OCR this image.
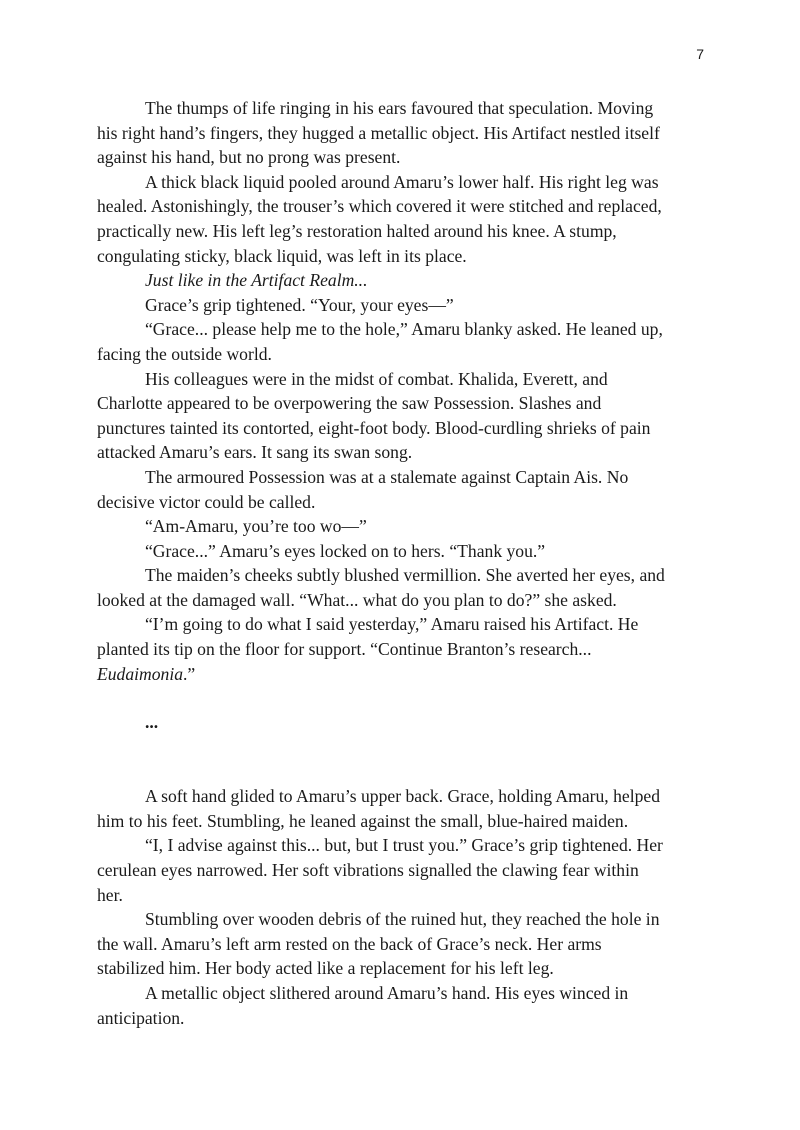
7

The thumps of life ringing in his ears favoured that speculation. Moving
his right hand’s fingers, they hugged a metallic object. His Artifact nestled itself
against his hand, but no prong was present.

A thick black liquid pooled around Amaru’s lower half. His right leg was
healed. Astonishingly, the trouser’s which covered it were stitched and replaced,
practically new. His left leg’s restoration halted around his knee. A stump,
congulating sticky, black liquid, was left in its place.

Just like in the Artifact Realm...

Grace’s grip tightened. “Your, your eyes—”

“Grace... please help me to the hole,” Amaru blanky asked. He leaned up,
facing the outside world.

His colleagues were in the midst of combat. Khalida, Everett, and
Charlotte appeared to be overpowering the saw Possession. Slashes and
punctures tainted its contorted, eight-foot body. Blood-curdling shrieks of pain
attacked Amaru’s ears. It sang its swan song.

The armoured Possession was at a stalemate against Captain Ais. No
decisive victor could be called.

“Am-Amaru, you’re too wo—”

“Grace...” Amaru’s eyes locked on to hers. “Thank you.”

The maiden’s cheeks subtly blushed vermillion. She averted her eyes, and
looked at the damaged wall. “What... what do you plan to do?” she asked.

“I’m going to do what I said yesterday,” Amaru raised his Artifact. He
planted its tip on the floor for support. “Continue Branton’s research...
Eudaimonia.”

...

A soft hand glided to Amaru’s upper back. Grace, holding Amaru, helped
him to his feet. Stumbling, he leaned against the small, blue-haired maiden.

“I, I advise against this... but, but I trust you.” Grace’s grip tightened. Her
cerulean eyes narrowed. Her soft vibrations signalled the clawing fear within
her.

Stumbling over wooden debris of the ruined hut, they reached the hole in
the wall. Amaru’s left arm rested on the back of Grace’s neck. Her arms
stabilized him. Her body acted like a replacement for his left leg.

A metallic object slithered around Amaru’s hand. His eyes winced in
anticipation.
